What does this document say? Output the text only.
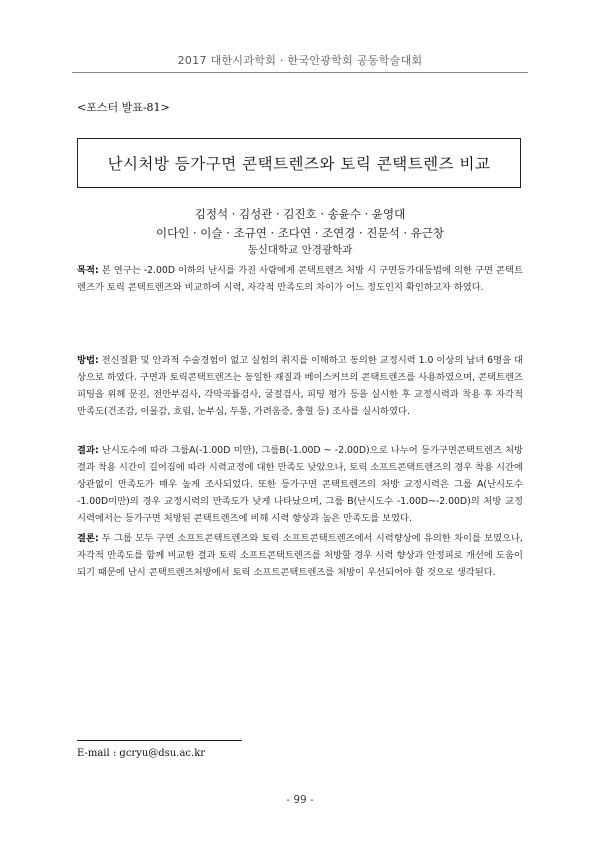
2017 대한시과학회 · 한국안광학회 공동학술대회
<포스터 발표-81>
난시처방 등가구면 콘택트렌즈와 토릭 콘택트렌즈 비교
김정석 · 김성관 · 김진호 · 송윤수 · 윤영대
이다인 · 이슬 · 조규연 · 조다연 · 조연경 · 진문석 · 유근창
동신대학교 안경광학과
목적: 본 연구는 -2.00D 이하의 난시를 가진 사람에게 콘택트렌즈 처방 시 구면등가대등법에 의한 구면 콘택트렌즈가 토릭 콘택트렌즈와 비교하여 시력, 자각적 만족도의 차이가 어느 정도인지 확인하고자 하였다.
방법: 전신질환 및 안과적 수술경험이 없고 실험의 취지를 이해하고 동의한 교정시력 1.0 이상의 남녀 6명을 대상으로 하였다. 구면과 토릭콘택트렌즈는 동일한 재질과 베이스커브의 콘택트렌즈를 사용하였으며, 콘택트렌즈 피팅을 위해 문진, 전안부검사, 각막곡률검사, 굴절검사, 피팅 평가 등을 실시한 후 교정시력과 착용 후 자각적 만족도(건조감, 이물감, 흐림, 눈부심, 두통, 가려움증, 충혈 등) 조사를 실시하였다.
결과: 난시도수에 따라 그룹A(-1.00D 미만), 그룹B(-1.00D ~ -2.00D)으로 나누어 등가구면콘택트렌즈 처방결과 착용 시간이 길어짐에 따라 시력교정에 대한 만족도 낮았으나, 토릭 소프트콘택트렌즈의 경우 착용 시간에 상관없이 만족도가 매우 높게 조사되었다. 또한 등가구면 콘택트렌즈의 처방 교정시력은 그룹 A(난시도수 -1.00D미만)의 경우 교정시력의 만족도가 낮게 나타났으며, 그룹 B(난시도수 -1.00D~-2.00D)의 처방 교정시력에서는 등가구면 처방된 콘택트렌즈에 비해 시력 향상과 높은 만족도를 보였다.
결론: 두 그룹 모두 구면 소프트콘택트렌즈와 토릭 소프트콘택트렌즈에서 시력향상에 유의한 차이를 보였으나, 자각적 만족도를 함께 비교한 결과 토릭 소프트콘택트렌즈를 처방할 경우 시력 향상과 안정피로 개선에 도움이 되기 때문에 난시 콘택트렌즈처방에서 토릭 소프트콘택트렌즈를 처방이 우선되어야 할 것으로 생각된다.
E-mail : gcryu@dsu.ac.kr
- 99 -
